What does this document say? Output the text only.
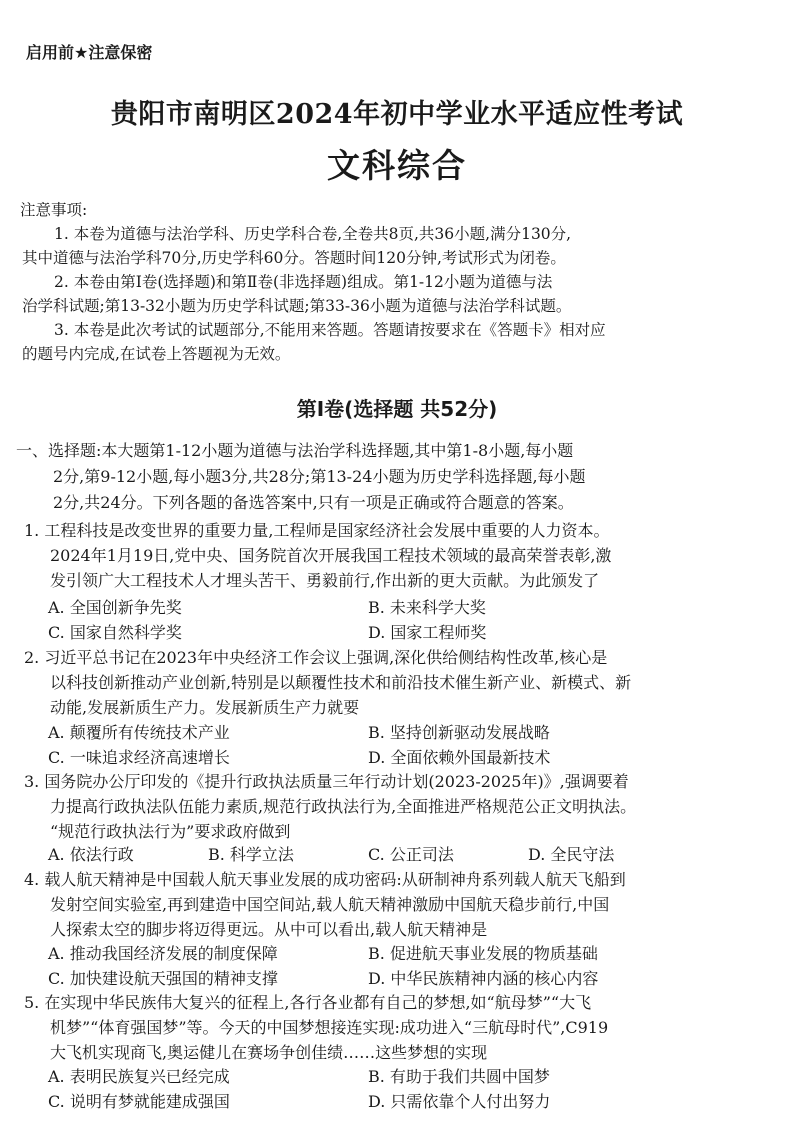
启用前★注意保密
贵阳市南明区2024年初中学业水平适应性考试
文科综合
注意事项:
1. 本卷为道德与法治学科、历史学科合卷,全卷共8页,共36小题,满分130分,
其中道德与法治学科70分,历史学科60分。答题时间120分钟,考试形式为闭卷。
2. 本卷由第Ⅰ卷(选择题)和第Ⅱ卷(非选择题)组成。第1-12小题为道德与法
治学科试题;第13-32小题为历史学科试题;第33-36小题为道德与法治学科试题。
3. 本卷是此次考试的试题部分,不能用来答题。答题请按要求在《答题卡》相对应
的题号内完成,在试卷上答题视为无效。
第Ⅰ卷(选择题 共52分)
一、选择题:本大题第1-12小题为道德与法治学科选择题,其中第1-8小题,每小题
2分,第9-12小题,每小题3分,共28分;第13-24小题为历史学科选择题,每小题
2分,共24分。下列各题的备选答案中,只有一项是正确或符合题意的答案。
1. 工程科技是改变世界的重要力量,工程师是国家经济社会发展中重要的人力资本。
2024年1月19日,党中央、国务院首次开展我国工程技术领域的最高荣誉表彰,激
发引领广大工程技术人才埋头苦干、勇毅前行,作出新的更大贡献。为此颁发了
A. 全国创新争先奖	B. 未来科学大奖
C. 国家自然科学奖	D. 国家工程师奖
2. 习近平总书记在2023年中央经济工作会议上强调,深化供给侧结构性改革,核心是
以科技创新推动产业创新,特别是以颠覆性技术和前沿技术催生新产业、新模式、新
动能,发展新质生产力。发展新质生产力就要
A. 颠覆所有传统技术产业	B. 坚持创新驱动发展战略
C. 一味追求经济高速增长	D. 全面依赖外国最新技术
3. 国务院办公厅印发的《提升行政执法质量三年行动计划(2023-2025年)》,强调要着
力提高行政执法队伍能力素质,规范行政执法行为,全面推进严格规范公正文明执法。
“规范行政执法行为”要求政府做到
A. 依法行政	B. 科学立法	C. 公正司法	D. 全民守法
4. 载人航天精神是中国载人航天事业发展的成功密码:从研制神舟系列载人航天飞船到
发射空间实验室,再到建造中国空间站,载人航天精神激励中国航天稳步前行,中国
人探索太空的脚步将迈得更远。从中可以看出,载人航天精神是
A. 推动我国经济发展的制度保障	B. 促进航天事业发展的物质基础
C. 加快建设航天强国的精神支撑	D. 中华民族精神内涵的核心内容
5. 在实现中华民族伟大复兴的征程上,各行各业都有自己的梦想,如“航母梦”“大飞
机梦”“体育强国梦”等。今天的中国梦想接连实现:成功进入“三航母时代”,C919
大飞机实现商飞,奥运健儿在赛场争创佳绩……这些梦想的实现
A. 表明民族复兴已经完成	B. 有助于我们共圆中国梦
C. 说明有梦就能建成强国	D. 只需依靠个人付出努力
